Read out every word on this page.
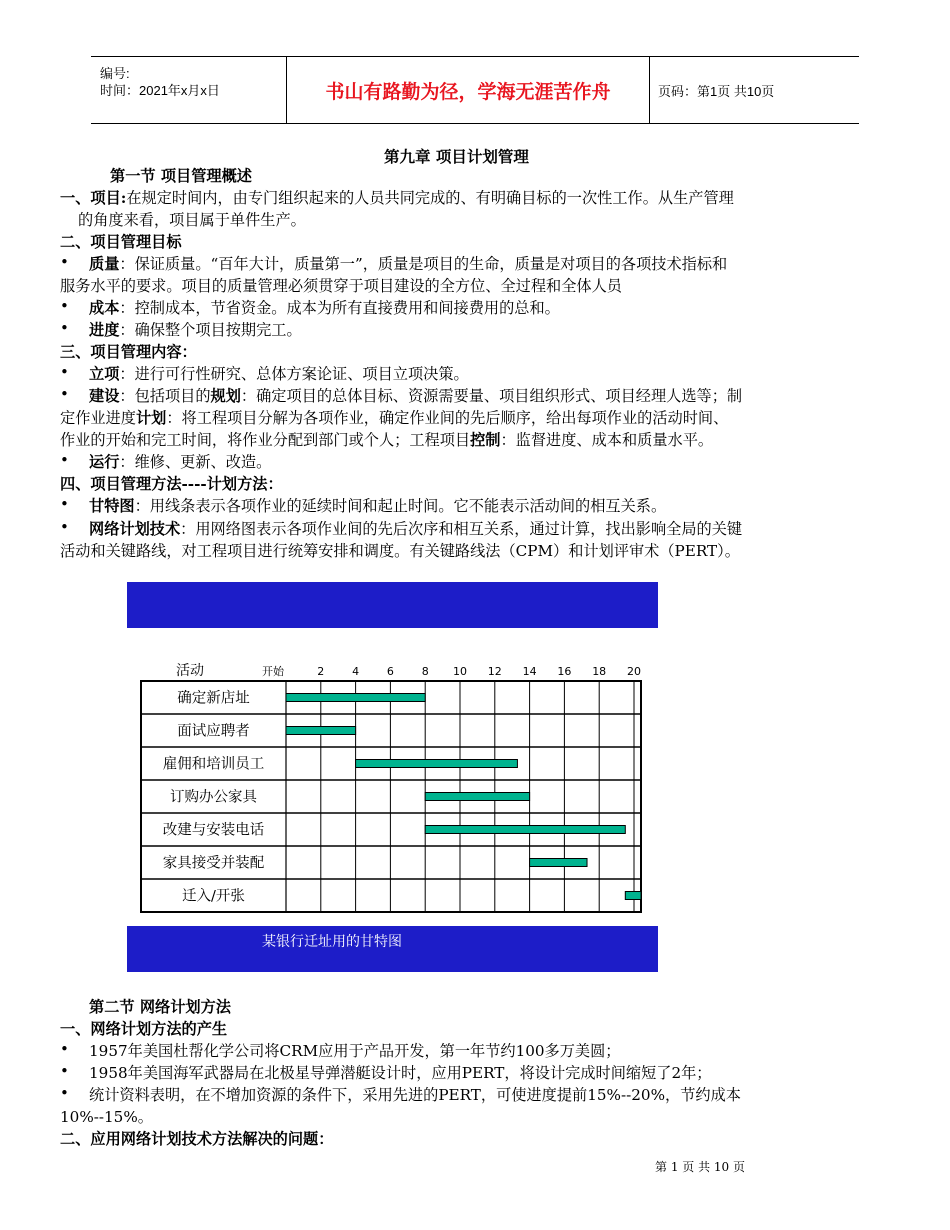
编号:
时间：2021年x月x日	书山有路勤为径，学海无涯苦作舟	页码：第1页 共10页
第九章 项目计划管理
第一节 项目管理概述
一、项目:在规定时间内，由专门组织起来的人员共同完成的、有明确目标的一次性工作。从生产管理
的角度来看，项目属于单件生产。
二、项目管理目标
• 质量：保证质量。“百年大计，质量第一”，质量是项目的生命，质量是对项目的各项技术指标和
服务水平的要求。项目的质量管理必须贯穿于项目建设的全方位、全过程和全体人员
• 成本：控制成本，节省资金。成本为所有直接费用和间接费用的总和。
• 进度：确保整个项目按期完工。
三、项目管理内容：
• 立项：进行可行性研究、总体方案论证、项目立项决策。
• 建设：包括项目的规划：确定项目的总体目标、资源需要量、项目组织形式、项目经理人选等；制
定作业进度计划：将工程项目分解为各项作业，确定作业间的先后顺序，给出每项作业的活动时间、
作业的开始和完工时间，将作业分配到部门或个人；工程项目控制：监督进度、成本和质量水平。
• 运行：维修、更新、改造。
四、项目管理方法----计划方法：
• 甘特图：用线条表示各项作业的延续时间和起止时间。它不能表示活动间的相互关系。
• 网络计划技术：用网络图表示各项作业间的先后次序和相互关系，通过计算，找出影响全局的关键
活动和关键路线，对工程项目进行统筹安排和调度。有关键路线法（CPM）和计划评审术（PERT）。
活动	开始	2	4	6	8 10 12 14 16 18 20
确定新店址
面试应聘者
雇佣和培训员工
订购办公家具
改建与安装电话
家具接受并装配
迁入/开张
某银行迁址用的甘特图
第二节 网络计划方法
一、网络计划方法的产生
• 1957年美国杜帮化学公司将CRM应用于产品开发，第一年节约100多万美圆；
• 1958年美国海军武器局在北极星导弹潜艇设计时，应用PERT，将设计完成时间缩短了2年；
• 统计资料表明，在不增加资源的条件下，采用先进的PERT，可使进度提前15%--20%，节约成本
10%--15%。
二、应用网络计划技术方法解决的问题：
第 1 页 共 10 页
